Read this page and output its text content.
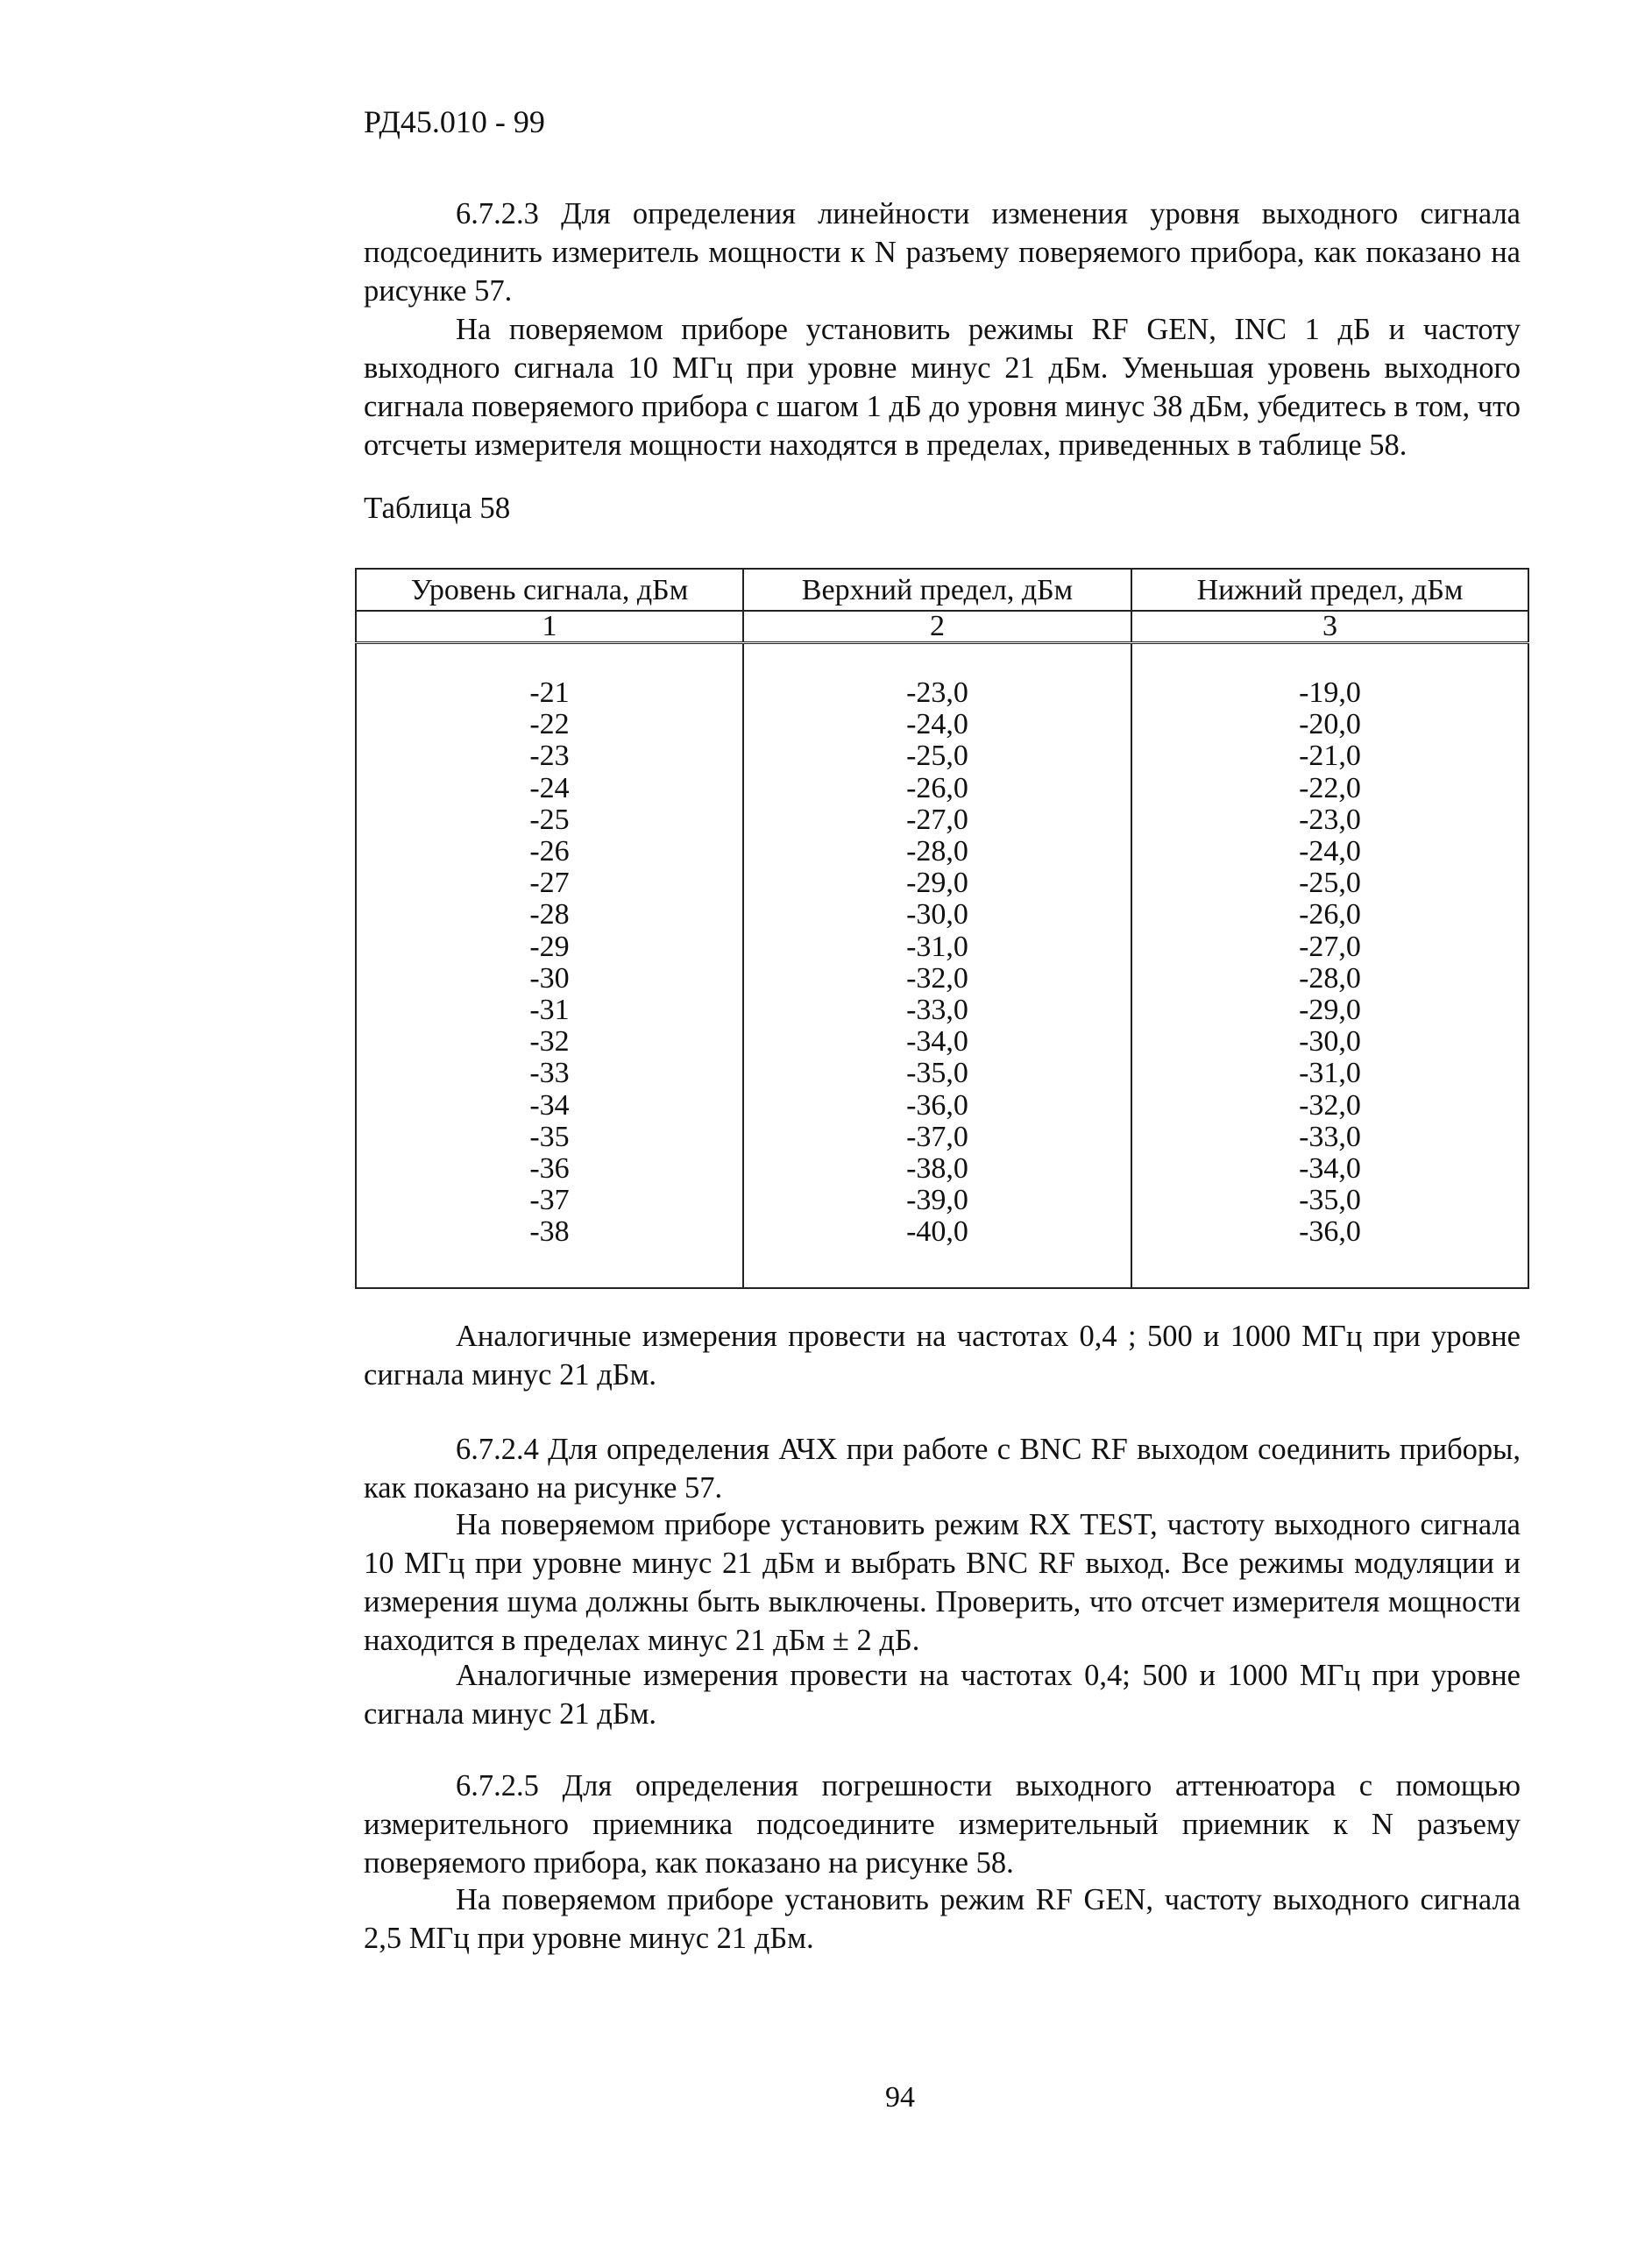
РД45.010 - 99

6.7.2.3 Для определения линейности изменения уровня выходного сигнала подсоединить измеритель мощности к N разъему поверяемого прибора, как показано на рисунке 57.

На поверяемом приборе установить режимы RF GEN, INC 1 дБ и частоту выходного сигнала 10 МГц при уровне минус 21 дБм. Уменьшая уровень выходного сигнала поверяемого прибора с шагом 1 дБ до уровня минус 38 дБм, убедитесь в том, что отсчеты измерителя мощности находятся в пределах, приведенных в таблице 58.

Таблица 58
Уровень сигнала, дБм	Верхний предел, дБм	Нижний предел, дБм
1	2	3

-21	-23,0	-19,0
-22	-24,0	-20,0
-23	-25,0	-21,0
-24	-26,0	-22,0
-25	-27,0	-23,0
-26	-28,0	-24,0
-27	-29,0	-25,0
-28	-30,0	-26,0
-29	-31,0	-27,0
-30	-32,0	-28,0
-31	-33,0	-29,0
-32	-34,0	-30,0
-33	-35,0	-31,0
-34	-36,0	-32,0
-35	-37,0	-33,0
-36	-38,0	-34,0
-37	-39,0	-35,0
-38	-40,0	-36,0

Аналогичные измерения провести на частотах 0,4 ; 500 и 1000 МГц при уровне сигнала минус 21 дБм.

6.7.2.4 Для определения АЧХ при работе с BNC RF выходом соединить приборы, как показано на рисунке 57.

На поверяемом приборе установить режим RX TEST, частоту выходного сигнала 10 МГц при уровне минус 21 дБм и выбрать BNC RF выход. Все режимы модуляции и измерения шума должны быть выключены. Проверить, что отсчет измерителя мощности находится в пределах минус 21 дБм ± 2 дБ.

Аналогичные измерения провести на частотах 0,4; 500 и 1000 МГц при уровне сигнала минус 21 дБм.

6.7.2.5 Для определения погрешности выходного аттенюатора с помощью измерительного приемника подсоедините измерительный приемник к N разъему поверяемого прибора, как показано на рисунке 58.

На поверяемом приборе установить режим RF GEN, частоту выходного сигнала 2,5 МГц при уровне минус 21 дБм.

94
